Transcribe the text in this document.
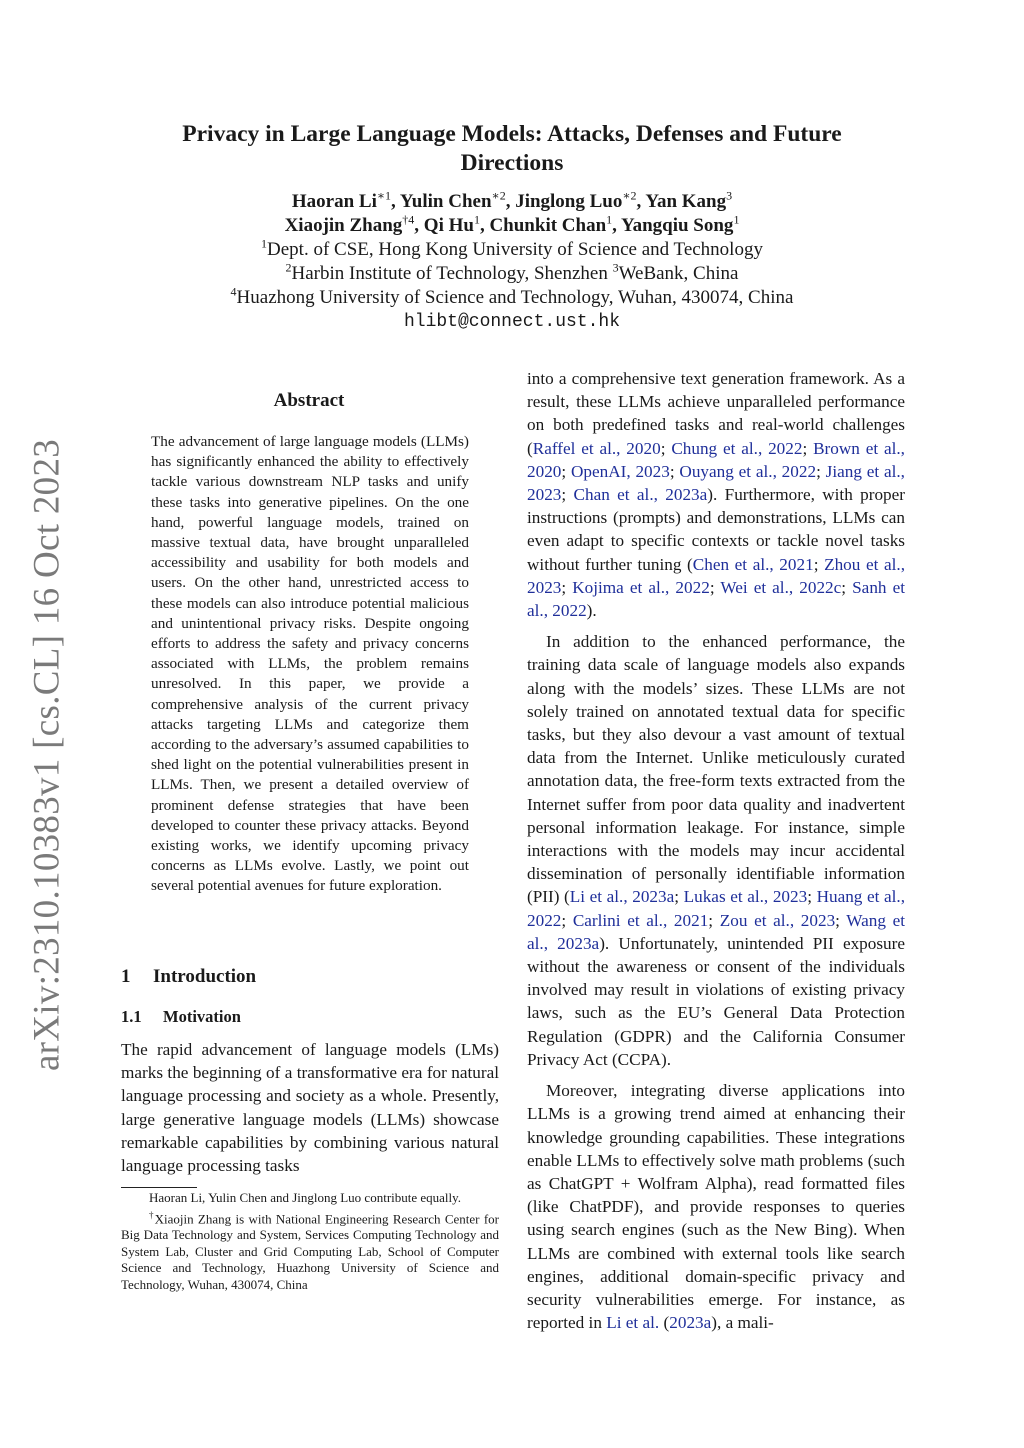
arXiv:2310.10383v1 [cs.CL] 16 Oct 2023
Privacy in Large Language Models: Attacks, Defenses and Future Directions
Haoran $Li^{∗1}$, Yulin Chen$^{∗2}$, Jinglong Luo$^{∗2}$, Yan Kang$^3$
Xiaojin Zhang$^{\dagger 4}$, Qi Hu$^1$, Chunkit Chan$^1$, Yangqiu Song$^1$
$^1$Dept. of CSE, Hong Kong University of Science and Technology
$^2$Harbin Institute of Technology, Shenzhen $^3$WeBank, China
$^4$Huazhong University of Science and Technology, Wuhan, 430074, China
hlibt@connect.ust.hk
Abstract
The advancement of large language models (LLMs) has significantly enhanced the ability to effectively tackle various downstream NLP tasks and unify these tasks into generative pipelines. On the one hand, powerful language models, trained on massive textual data, have brought unparalleled accessibility and usability for both models and users. On the other hand, unrestricted access to these models can also introduce potential malicious and unintentional privacy risks. Despite ongoing efforts to address the safety and privacy concerns associated with LLMs, the problem remains unresolved. In this paper, we provide a comprehensive analysis of the current privacy attacks targeting LLMs and categorize them according to the adversary’s assumed capabilities to shed light on the potential vulnerabilities present in LLMs. Then, we present a detailed overview of prominent defense strategies that have been developed to counter these privacy attacks. Beyond existing works, we identify upcoming privacy concerns as LLMs evolve. Lastly, we point out several potential avenues for future exploration.
1 Introduction
1.1 Motivation
The rapid advancement of language models (LMs) marks the beginning of a transformative era for natural language processing and society as a whole. Presently, large generative language models (LLMs) showcase remarkable capabilities by combining various natural language processing tasks

Haoran Li, Yulin Chen and Jinglong Luo contribute equally.

†Xiaojin Zhang is with National Engineering Research Center for Big Data Technology and System, Services Computing Technology and System Lab, Cluster and Grid Computing Lab, School of Computer Science and Technology, Huazhong University of Science and Technology, Wuhan, 430074, China

into a comprehensive text generation framework. As a result, these LLMs achieve unparalleled performance on both predefined tasks and real-world challenges (Raffel et al., 2020; Chung et al., 2022; Brown et al., 2020; OpenAI, 2023; Ouyang et al., 2022; Jiang et al., 2023; Chan et al., 2023a). Furthermore, with proper instructions (prompts) and demonstrations, LLMs can even adapt to specific contexts or tackle novel tasks without further tuning (Chen et al., 2021; Zhou et al., 2023; Kojima et al., 2022; Wei et al., 2022c; Sanh et al., 2022).

In addition to the enhanced performance, the training data scale of language models also expands along with the models’ sizes. These LLMs are not solely trained on annotated textual data for specific tasks, but they also devour a vast amount of textual data from the Internet. Unlike meticulously curated annotation data, the free-form texts extracted from the Internet suffer from poor data quality and inadvertent personal information leakage. For instance, simple interactions with the models may incur accidental dissemination of personally identifiable information (PII) (Li et al., 2023a; Lukas et al., 2023; Huang et al., 2022; Carlini et al., 2021; Zou et al., 2023; Wang et al., 2023a). Unfortunately, unintended PII exposure without the awareness or consent of the individuals involved may result in violations of existing privacy laws, such as the EU’s General Data Protection Regulation (GDPR) and the California Consumer Privacy Act (CCPA).

Moreover, integrating diverse applications into LLMs is a growing trend aimed at enhancing their knowledge grounding capabilities. These integrations enable LLMs to effectively solve math problems (such as ChatGPT + Wolfram Alpha), read formatted files (like ChatPDF), and provide responses to queries using search engines (such as the New Bing). When LLMs are combined with external tools like search engines, additional domain-specific privacy and security vulnerabilities emerge. For instance, as reported in Li et al. (2023a), a mali-
